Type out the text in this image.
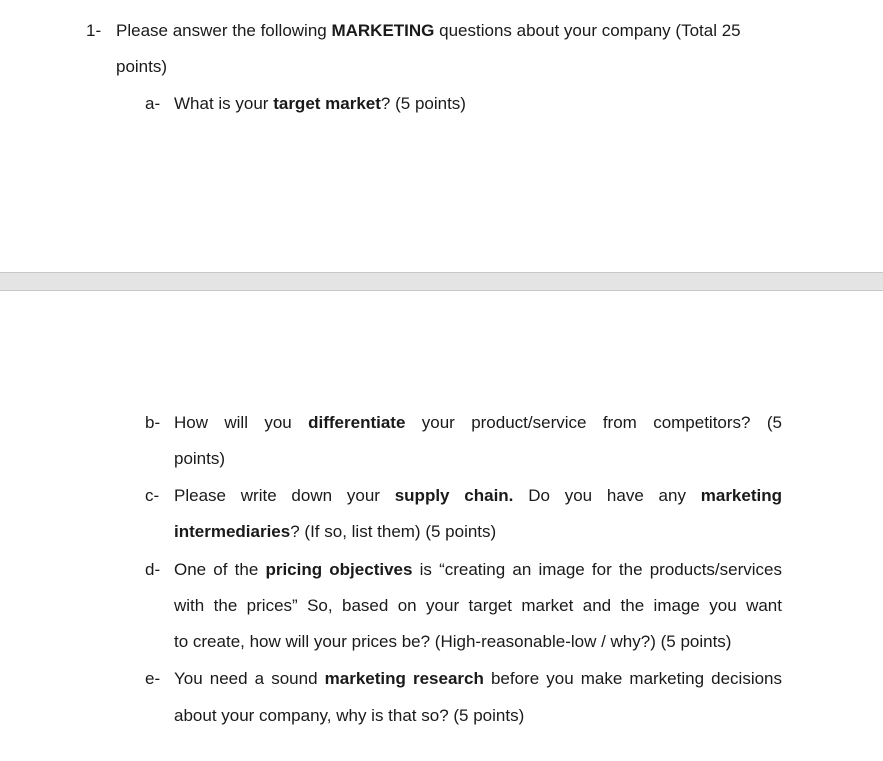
1- Please answer the following MARKETING questions about your company (Total 25
points)
a- What is your target market? (5 points)
b- How will you differentiate your product/service from competitors? (5
points)
c- Please write down your supply chain. Do you have any marketing
intermediaries? (If so, list them) (5 points)
d- One of the pricing objectives is “creating an image for the products/services
with the prices” So, based on your target market and the image you want
to create, how will your prices be? (High-reasonable-low / why?) (5 points)
e- You need a sound marketing research before you make marketing decisions
about your company, why is that so? (5 points)
